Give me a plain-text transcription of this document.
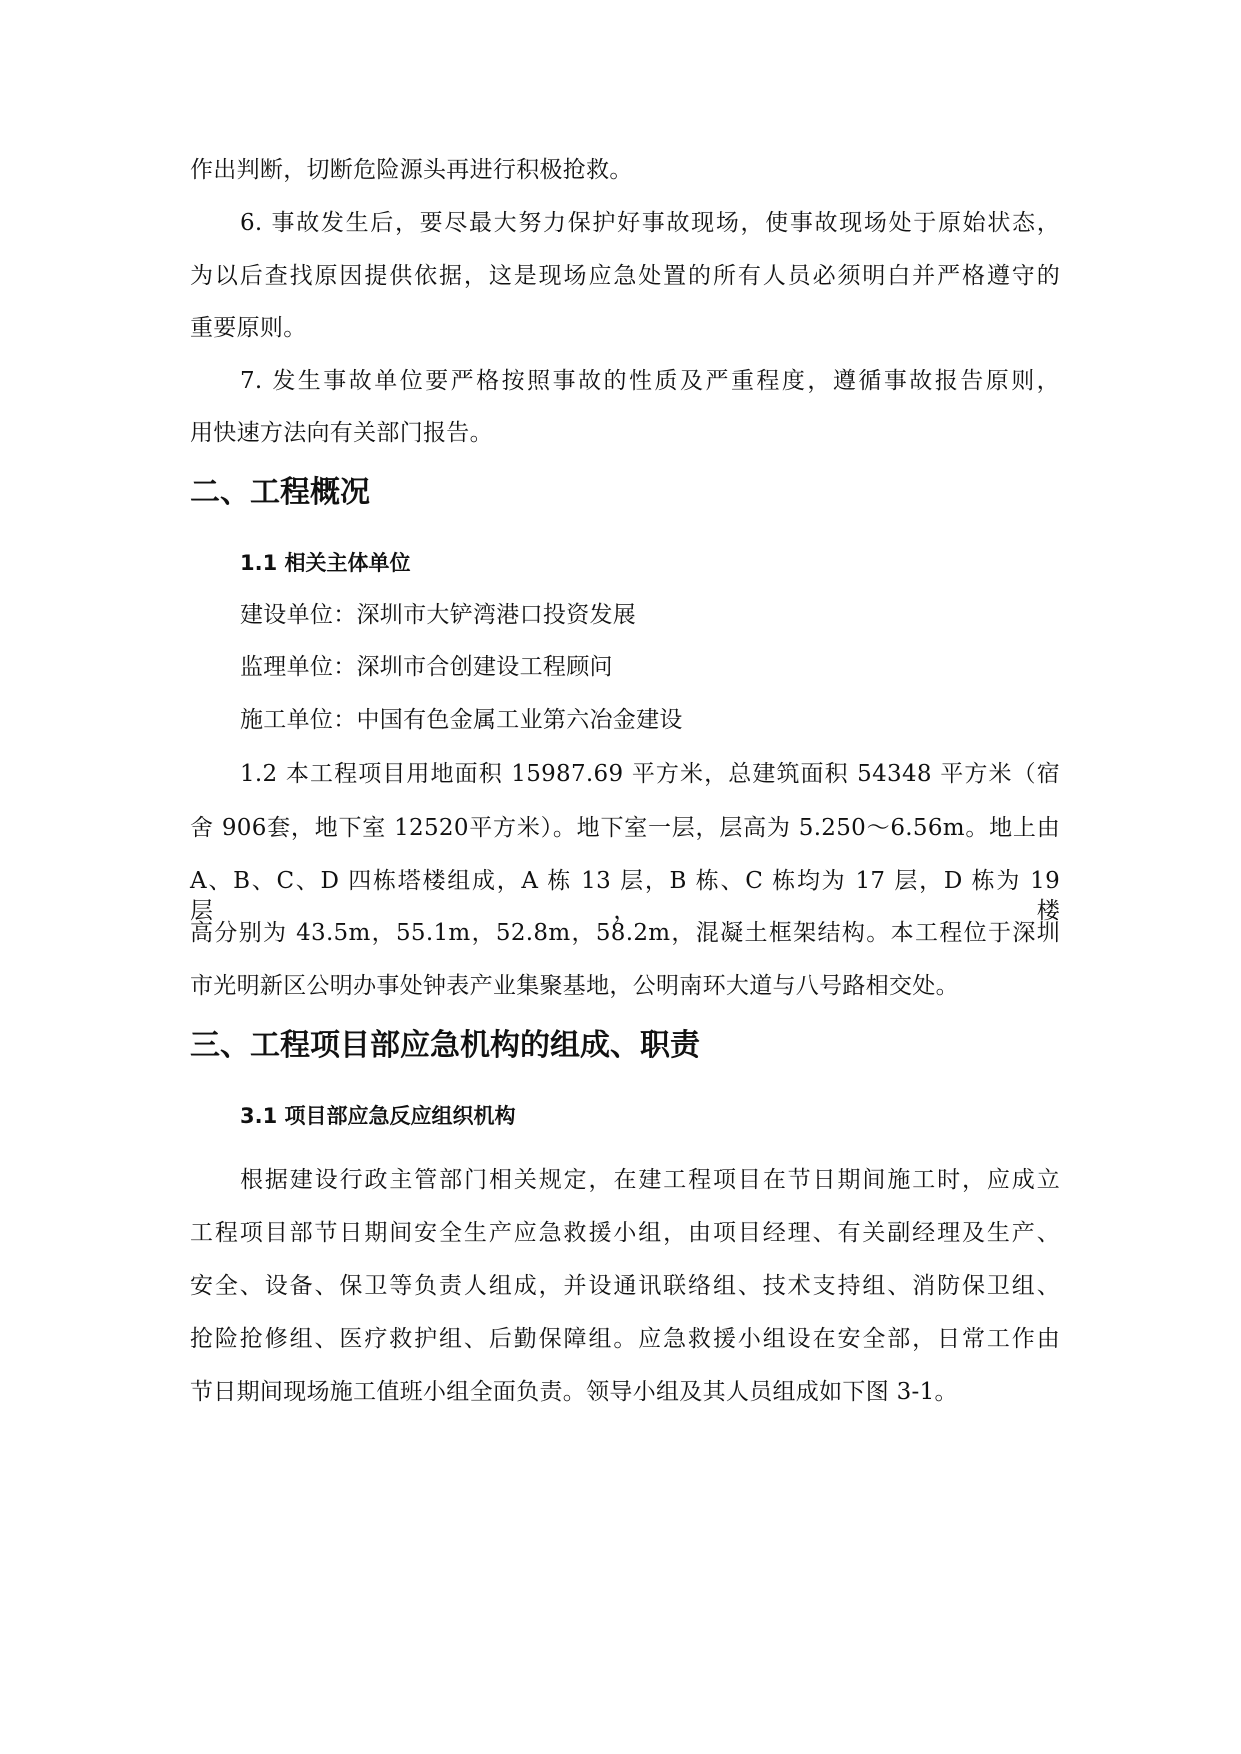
作出判断，切断危险源头再进行积极抢救。
6. 事故发生后，要尽最大努力保护好事故现场，使事故现场处于原始状态，
为以后查找原因提供依据，这是现场应急处置的所有人员必须明白并严格遵守的
重要原则。
7. 发生事故单位要严格按照事故的性质及严重程度，遵循事故报告原则，
用快速方法向有关部门报告。
二、工程概况
1.1 相关主体单位
建设单位：深圳市大铲湾港口投资发展
监理单位：深圳市合创建设工程顾问
施工单位：中国有色金属工业第六冶金建设
1.2 本工程项目用地面积 15987.69 平方米，总建筑面积 54348 平方米（宿
舍 906套，地下室 12520平方米）。地下室一层，层高为 5.250～6.56m。地上由
A、B、C、D 四栋塔楼组成，A 栋 13 层，B 栋、C 栋均为 17 层，D 栋为 19 层，楼
高分别为 43.5m，55.1m，52.8m，58.2m，混凝土框架结构。本工程位于深圳
市光明新区公明办事处钟表产业集聚基地，公明南环大道与八号路相交处。
三、工程项目部应急机构的组成、职责
3.1 项目部应急反应组织机构
根据建设行政主管部门相关规定，在建工程项目在节日期间施工时，应成立
工程项目部节日期间安全生产应急救援小组，由项目经理、有关副经理及生产、
安全、设备、保卫等负责人组成，并设通讯联络组、技术支持组、消防保卫组、
抢险抢修组、医疗救护组、后勤保障组。应急救援小组设在安全部，日常工作由
节日期间现场施工值班小组全面负责。领导小组及其人员组成如下图 3-1。
